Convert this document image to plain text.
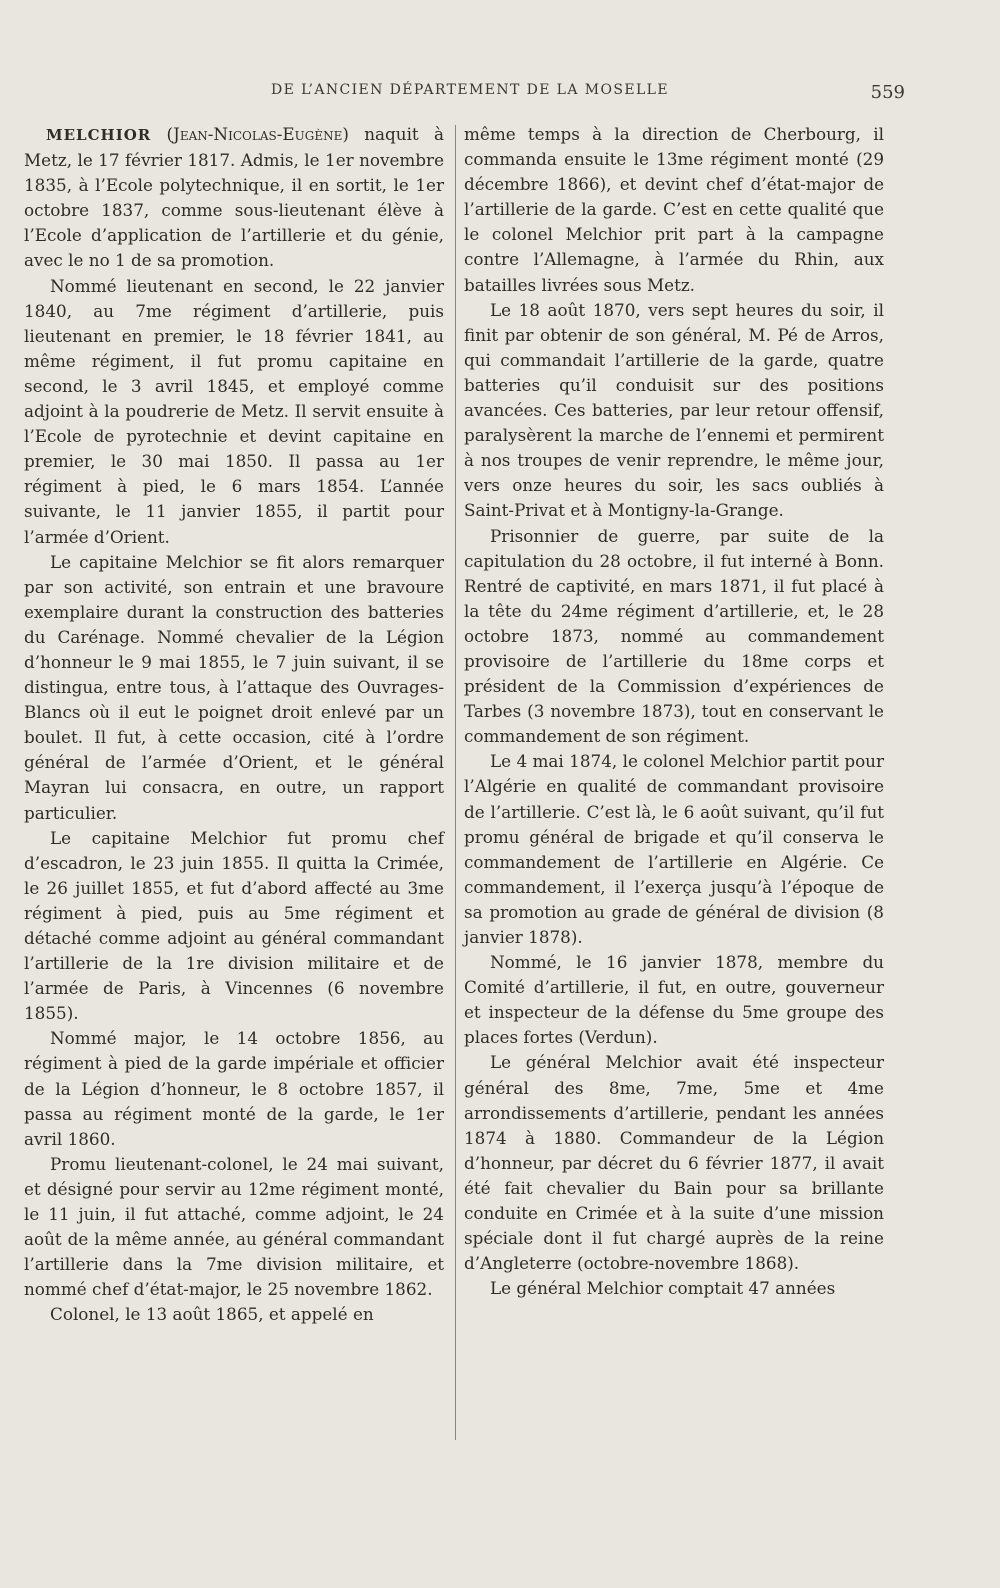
DE L’ANCIEN DÉPARTEMENT DE LA MOSELLE	559

MELCHIOR (Jean-Nicolas-Eugène) naquit à Metz, le 17 février 1817. Admis, le 1er novembre 1835, à l’Ecole polytechnique, il en sortit, le 1er octobre 1837, comme sous-lieutenant élève à l’Ecole d’application de l’artillerie et du génie, avec le no 1 de sa promotion.

Nommé lieutenant en second, le 22 janvier 1840, au 7me régiment d’artillerie, puis lieutenant en premier, le 18 février 1841, au même régiment, il fut promu capitaine en second, le 3 avril 1845, et employé comme adjoint à la poudrerie de Metz. Il servit ensuite à l’Ecole de pyrotechnie et devint capitaine en premier, le 30 mai 1850. Il passa au 1er régiment à pied, le 6 mars 1854. L’année suivante, le 11 janvier 1855, il partit pour l’armée d’Orient.

Le capitaine Melchior se fit alors remarquer par son activité, son entrain et une bravoure exemplaire durant la construction des batteries du Carénage. Nommé chevalier de la Légion d’honneur le 9 mai 1855, le 7 juin suivant, il se distingua, entre tous, à l’attaque des Ouvrages-Blancs où il eut le poignet droit enlevé par un boulet. Il fut, à cette occasion, cité à l’ordre général de l’armée d’Orient, et le général Mayran lui consacra, en outre, un rapport particulier.

Le capitaine Melchior fut promu chef d’escadron, le 23 juin 1855. Il quitta la Crimée, le 26 juillet 1855, et fut d’abord affecté au 3me régiment à pied, puis au 5me régiment et détaché comme adjoint au général commandant l’artillerie de la 1re division militaire et de l’armée de Paris, à Vincennes (6 novembre 1855).

Nommé major, le 14 octobre 1856, au régiment à pied de la garde impériale et officier de la Légion d’honneur, le 8 octobre 1857, il passa au régiment monté de la garde, le 1er avril 1860.

Promu lieutenant-colonel, le 24 mai suivant, et désigné pour servir au 12me régiment monté, le 11 juin, il fut attaché, comme adjoint, le 24 août de la même année, au général commandant l’artillerie dans la 7me division militaire, et nommé chef d’état-major, le 25 novembre 1862.

Colonel, le 13 août 1865, et appelé en

même temps à la direction de Cherbourg, il commanda ensuite le 13me régiment monté (29 décembre 1866), et devint chef d’état-major de l’artillerie de la garde. C’est en cette qualité que le colonel Melchior prit part à la campagne contre l’Allemagne, à l’armée du Rhin, aux batailles livrées sous Metz.

Le 18 août 1870, vers sept heures du soir, il finit par obtenir de son général, M. Pé de Arros, qui commandait l’artillerie de la garde, quatre batteries qu’il conduisit sur des positions avancées. Ces batteries, par leur retour offensif, paralysèrent la marche de l’ennemi et permirent à nos troupes de venir reprendre, le même jour, vers onze heures du soir, les sacs oubliés à Saint-Privat et à Montigny-la-Grange.

Prisonnier de guerre, par suite de la capitulation du 28 octobre, il fut interné à Bonn. Rentré de captivité, en mars 1871, il fut placé à la tête du 24me régiment d’artillerie, et, le 28 octobre 1873, nommé au commandement provisoire de l’artillerie du 18me corps et président de la Commission d’expériences de Tarbes (3 novembre 1873), tout en conservant le commandement de son régiment.

Le 4 mai 1874, le colonel Melchior partit pour l’Algérie en qualité de commandant provisoire de l’artillerie. C’est là, le 6 août suivant, qu’il fut promu général de brigade et qu’il conserva le commandement de l’artillerie en Algérie. Ce commandement, il l’exerça jusqu’à l’époque de sa promotion au grade de général de division (8 janvier 1878).

Nommé, le 16 janvier 1878, membre du Comité d’artillerie, il fut, en outre, gouverneur et inspecteur de la défense du 5me groupe des places fortes (Verdun).

Le général Melchior avait été inspecteur général des 8me, 7me, 5me et 4me arrondissements d’artillerie, pendant les années 1874 à 1880. Commandeur de la Légion d’honneur, par décret du 6 février 1877, il avait été fait chevalier du Bain pour sa brillante conduite en Crimée et à la suite d’une mission spéciale dont il fut chargé auprès de la reine d’Angleterre (octobre-novembre 1868).

Le général Melchior comptait 47 années
